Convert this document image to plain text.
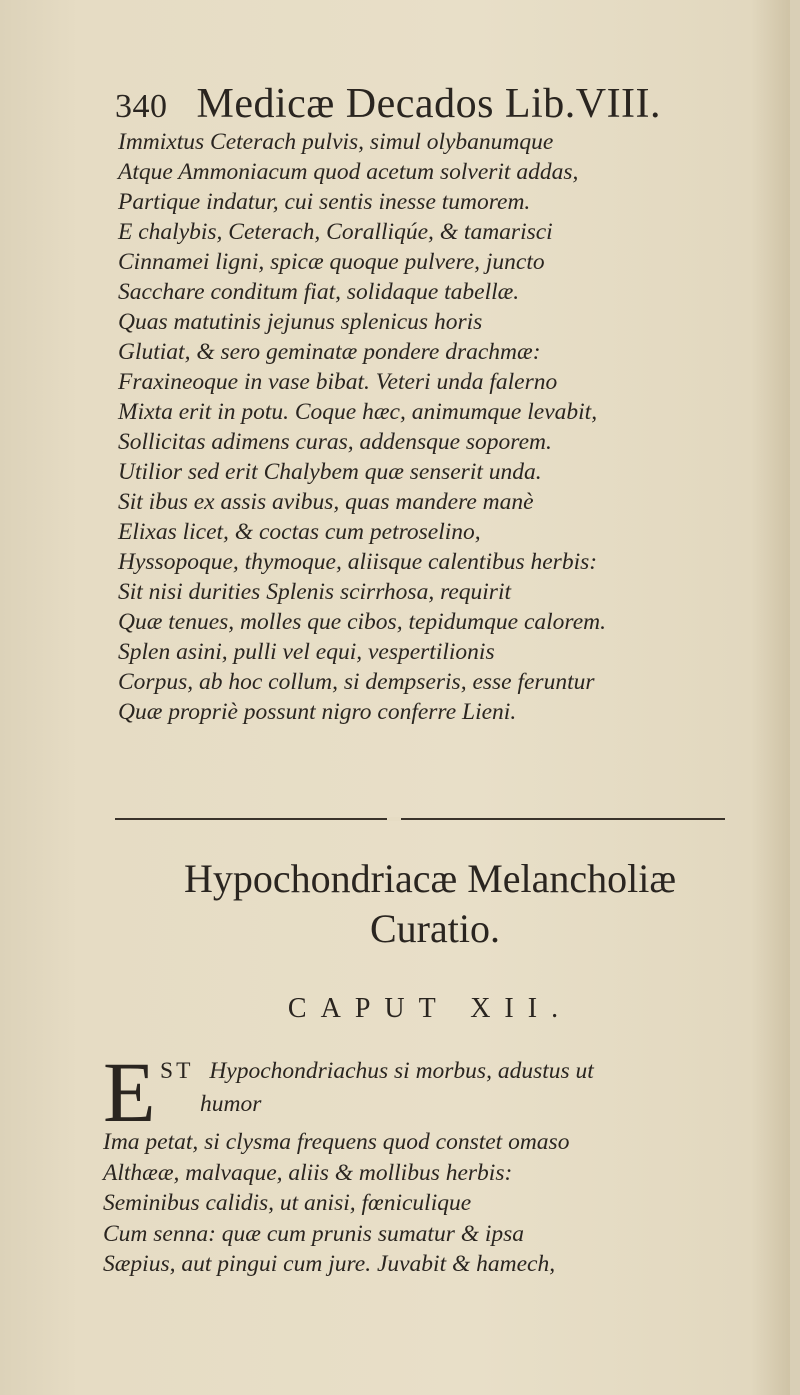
340 Medicæ Decados Lib.VIII.
Immixtus Ceterach pulvis, simul olybanumque
Atque Ammoniacum quod acetum solverit addas,
Partique indatur, cui sentis inesse tumorem.
E chalybis, Ceterach, Coralliqúe, & tamarisci
Cinnamei ligni, spicæ quoque pulvere, juncto
Sacchare conditum fiat, solidaque tabellæ.
Quas matutinis jejunus splenicus horis
Glutiat, & sero geminatæ pondere drachmæ:
Fraxineoque in vase bibat. Veteri unda falerno
Mixta erit in potu. Coque hæc, animumque levabit,
Sollicitas adimens curas, addensque soporem.
Utilior sed erit Chalybem quæ senserit unda.
Sit ibus ex assis avibus, quas mandere manè
Elixas licet, & coctas cum petroselino,
Hyssopoque, thymoque, aliisque calentibus herbis:
Sit nisi durities Splenis scirrhosa, requirit
Quæ tenues, molles que cibos, tepidumque calorem.
Splen asini, pulli vel equi, vespertilionis
Corpus, ab hoc collum, si dempseris, esse feruntur
Quæ propriè possunt nigro conferre Lieni.
Hypochondriacæ Melancholiæ
Curatio.
CAPUT XII.
E ST Hypochondriachus si morbus, adustus ut
humor
Ima petat, si clysma frequens quod constet omaso
Althææ, malvaque, aliis & mollibus herbis:
Seminibus calidis, ut anisi, fœniculique
Cum senna: quæ cum prunis sumatur & ipsa
Sæpius, aut pingui cum jure. Juvabit & hamech,
